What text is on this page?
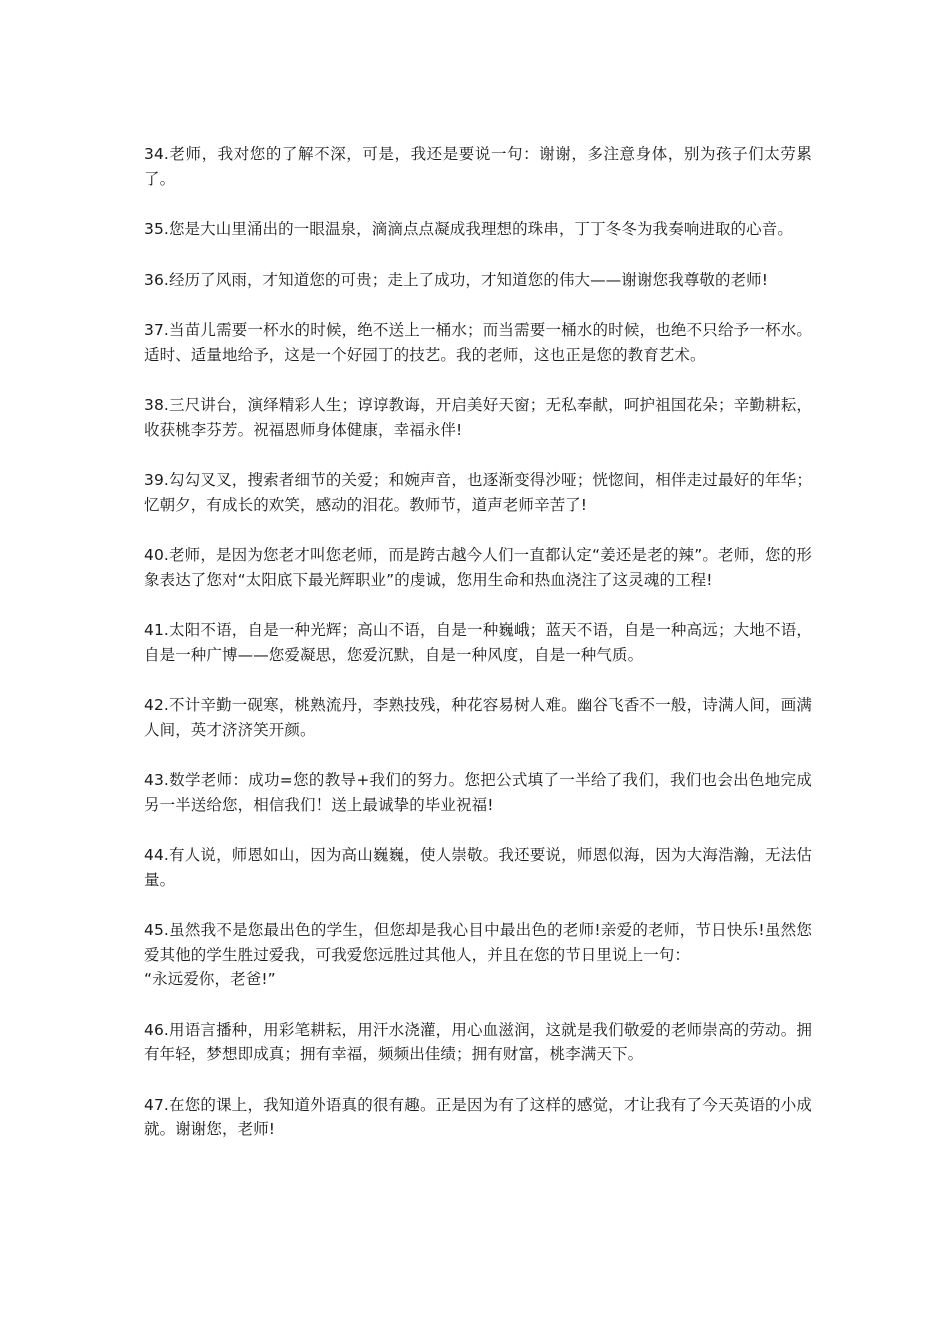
34.老师，我对您的了解不深，可是，我还是要说一句：谢谢，多注意身体，别为孩子们太劳累了。

35.您是大山里涌出的一眼温泉，滴滴点点凝成我理想的珠串，丁丁冬冬为我奏响进取的心音。

36.经历了风雨，才知道您的可贵；走上了成功，才知道您的伟大——谢谢您我尊敬的老师!

37.当苗儿需要一杯水的时候，绝不送上一桶水；而当需要一桶水的时候，也绝不只给予一杯水。适时、适量地给予，这是一个好园丁的技艺。我的老师，这也正是您的教育艺术。

38.三尺讲台，演绎精彩人生；谆谆教诲，开启美好天窗；无私奉献，呵护祖国花朵；辛勤耕耘，收获桃李芬芳。祝福恩师身体健康，幸福永伴!

39.勾勾叉叉，搜索者细节的关爱；和婉声音，也逐渐变得沙哑；恍惚间，相伴走过最好的年华；忆朝夕，有成长的欢笑，感动的泪花。教师节，道声老师辛苦了!

40.老师，是因为您老才叫您老师，而是跨古越今人们一直都认定“姜还是老的辣”。老师，您的形象表达了您对“太阳底下最光辉职业”的虔诚，您用生命和热血浇注了这灵魂的工程!

41.太阳不语，自是一种光辉；高山不语，自是一种巍峨；蓝天不语，自是一种高远；大地不语，自是一种广博——您爱凝思，您爱沉默，自是一种风度，自是一种气质。

42.不计辛勤一砚寒，桃熟流丹，李熟技残，种花容易树人难。幽谷飞香不一般，诗满人间，画满人间，英才济济笑开颜。

43.数学老师：成功=您的教导+我们的努力。您把公式填了一半给了我们，我们也会出色地完成另一半送给您，相信我们！送上最诚挚的毕业祝福!

44.有人说，师恩如山，因为高山巍巍，使人崇敬。我还要说，师恩似海，因为大海浩瀚，无法估量。

45.虽然我不是您最出色的学生，但您却是我心目中最出色的老师!亲爱的老师，节日快乐!虽然您爱其他的学生胜过爱我，可我爱您远胜过其他人，并且在您的节日里说上一句：
“永远爱你，老爸!”

46.用语言播种，用彩笔耕耘，用汗水浇灌，用心血滋润，这就是我们敬爱的老师崇高的劳动。拥有年轻，梦想即成真；拥有幸福，频频出佳绩；拥有财富，桃李满天下。

47.在您的课上，我知道外语真的很有趣。正是因为有了这样的感觉，才让我有了今天英语的小成就。谢谢您，老师!
